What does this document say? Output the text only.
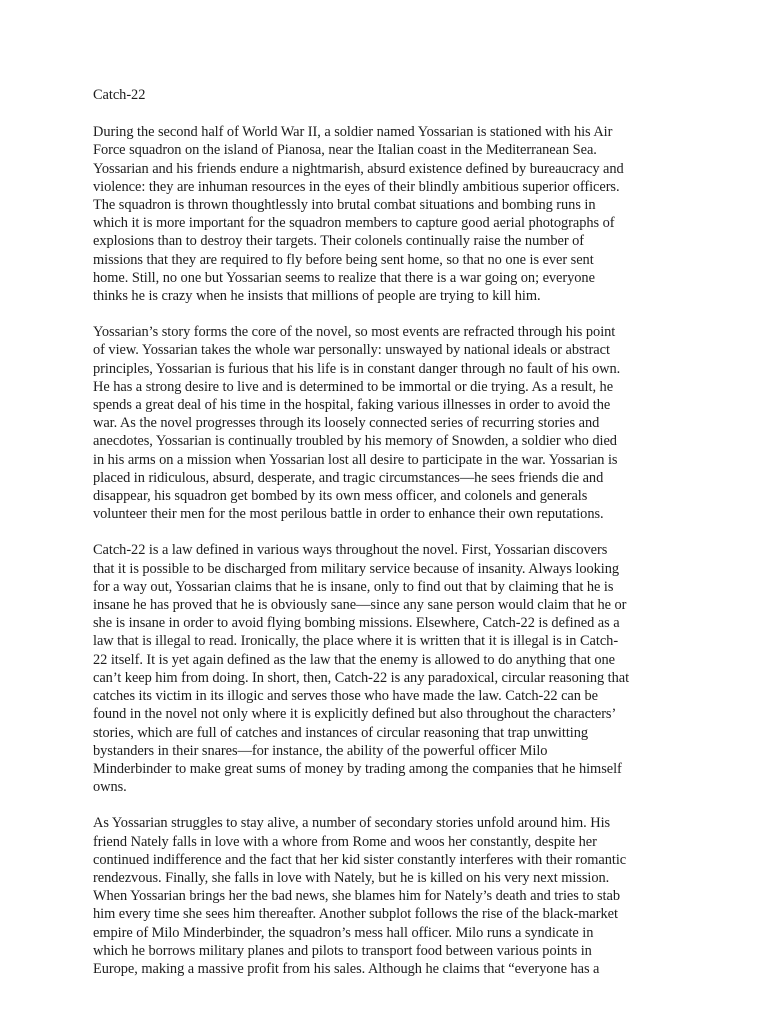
Catch-22
During the second half of World War II, a soldier named Yossarian is stationed with his Air
Force squadron on the island of Pianosa, near the Italian coast in the Mediterranean Sea.
Yossarian and his friends endure a nightmarish, absurd existence defined by bureaucracy and
violence: they are inhuman resources in the eyes of their blindly ambitious superior officers.
The squadron is thrown thoughtlessly into brutal combat situations and bombing runs in
which it is more important for the squadron members to capture good aerial photographs of
explosions than to destroy their targets. Their colonels continually raise the number of
missions that they are required to fly before being sent home, so that no one is ever sent
home. Still, no one but Yossarian seems to realize that there is a war going on; everyone
thinks he is crazy when he insists that millions of people are trying to kill him.
Yossarian’s story forms the core of the novel, so most events are refracted through his point
of view. Yossarian takes the whole war personally: unswayed by national ideals or abstract
principles, Yossarian is furious that his life is in constant danger through no fault of his own.
He has a strong desire to live and is determined to be immortal or die trying. As a result, he
spends a great deal of his time in the hospital, faking various illnesses in order to avoid the
war. As the novel progresses through its loosely connected series of recurring stories and
anecdotes, Yossarian is continually troubled by his memory of Snowden, a soldier who died
in his arms on a mission when Yossarian lost all desire to participate in the war. Yossarian is
placed in ridiculous, absurd, desperate, and tragic circumstances—he sees friends die and
disappear, his squadron get bombed by its own mess officer, and colonels and generals
volunteer their men for the most perilous battle in order to enhance their own reputations.
Catch-22 is a law defined in various ways throughout the novel. First, Yossarian discovers
that it is possible to be discharged from military service because of insanity. Always looking
for a way out, Yossarian claims that he is insane, only to find out that by claiming that he is
insane he has proved that he is obviously sane—since any sane person would claim that he or
she is insane in order to avoid flying bombing missions. Elsewhere, Catch-22 is defined as a
law that is illegal to read. Ironically, the place where it is written that it is illegal is in Catch-
22 itself. It is yet again defined as the law that the enemy is allowed to do anything that one
can’t keep him from doing. In short, then, Catch-22 is any paradoxical, circular reasoning that
catches its victim in its illogic and serves those who have made the law. Catch-22 can be
found in the novel not only where it is explicitly defined but also throughout the characters’
stories, which are full of catches and instances of circular reasoning that trap unwitting
bystanders in their snares—for instance, the ability of the powerful officer Milo
Minderbinder to make great sums of money by trading among the companies that he himself
owns.
As Yossarian struggles to stay alive, a number of secondary stories unfold around him. His
friend Nately falls in love with a whore from Rome and woos her constantly, despite her
continued indifference and the fact that her kid sister constantly interferes with their romantic
rendezvous. Finally, she falls in love with Nately, but he is killed on his very next mission.
When Yossarian brings her the bad news, she blames him for Nately’s death and tries to stab
him every time she sees him thereafter. Another subplot follows the rise of the black-market
empire of Milo Minderbinder, the squadron’s mess hall officer. Milo runs a syndicate in
which he borrows military planes and pilots to transport food between various points in
Europe, making a massive profit from his sales. Although he claims that “everyone has a
